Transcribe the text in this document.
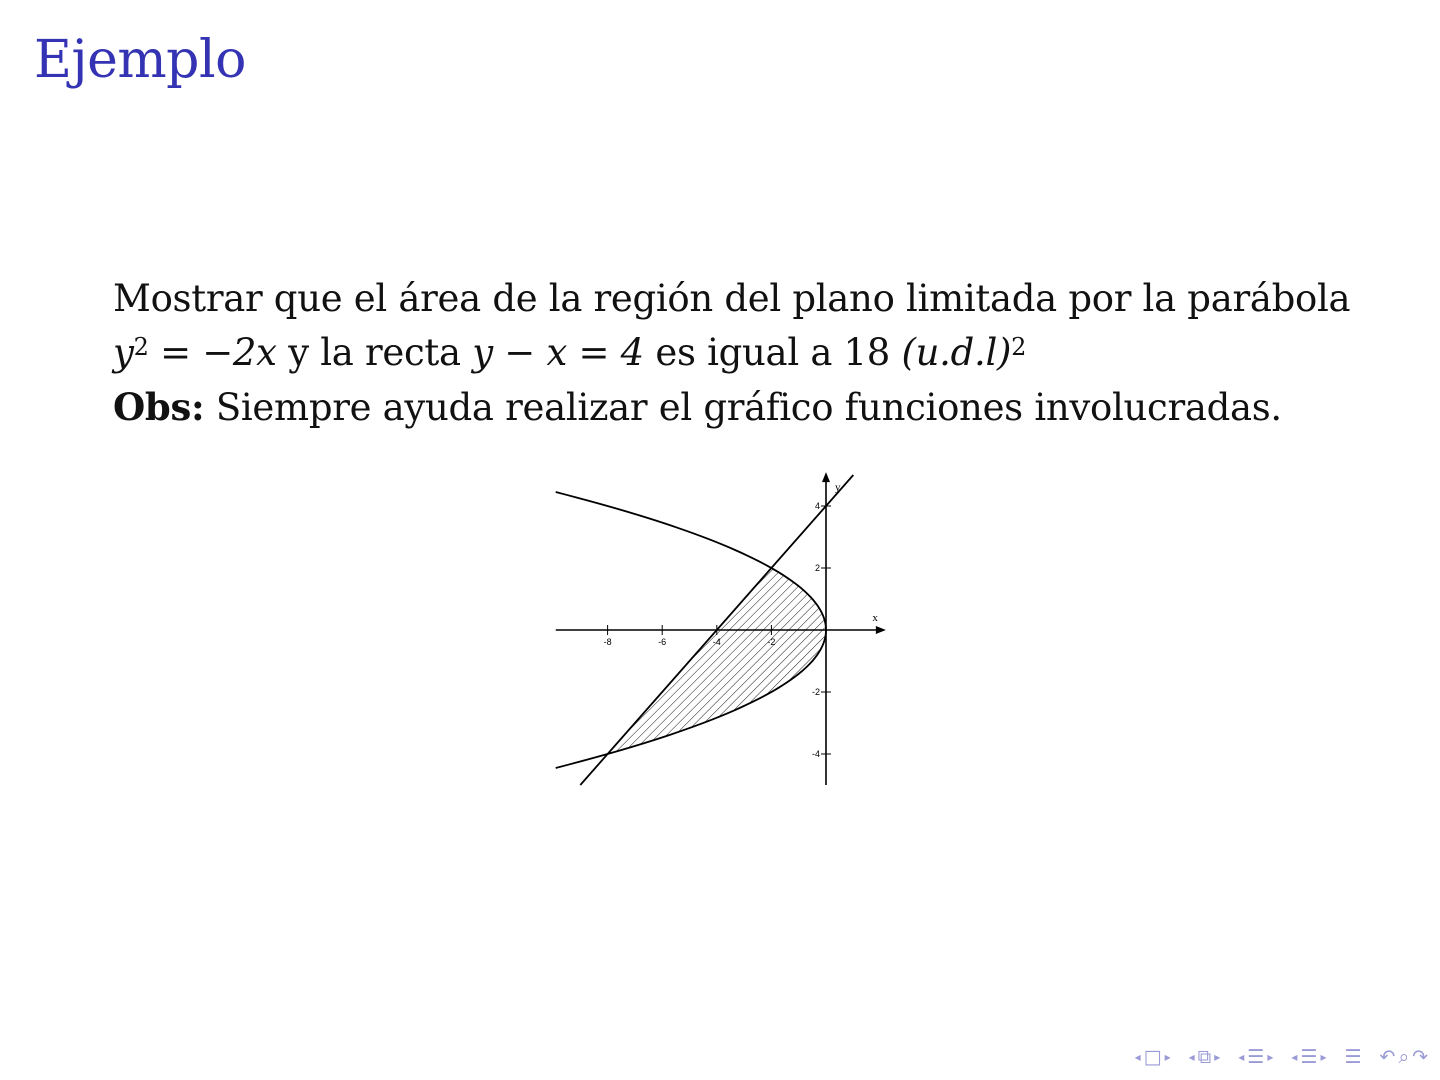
Ejemplo
Mostrar que el área de la región del plano limitada por la parábola
$y^2 = -2x$ y la recta y − x = 4 es igual a 18 $(u.d.l)^2$
Obs: Siempre ayuda realizar el gráfico funciones involucradas.
-8	-6	-4	-2
4
2
-2
-4
x
y
◂ □ ▸ ◂ ⧉ ▸ ◂ ☰ ▸ ◂ ☰ ▸ ☰ ↶ ⌕ ↷
